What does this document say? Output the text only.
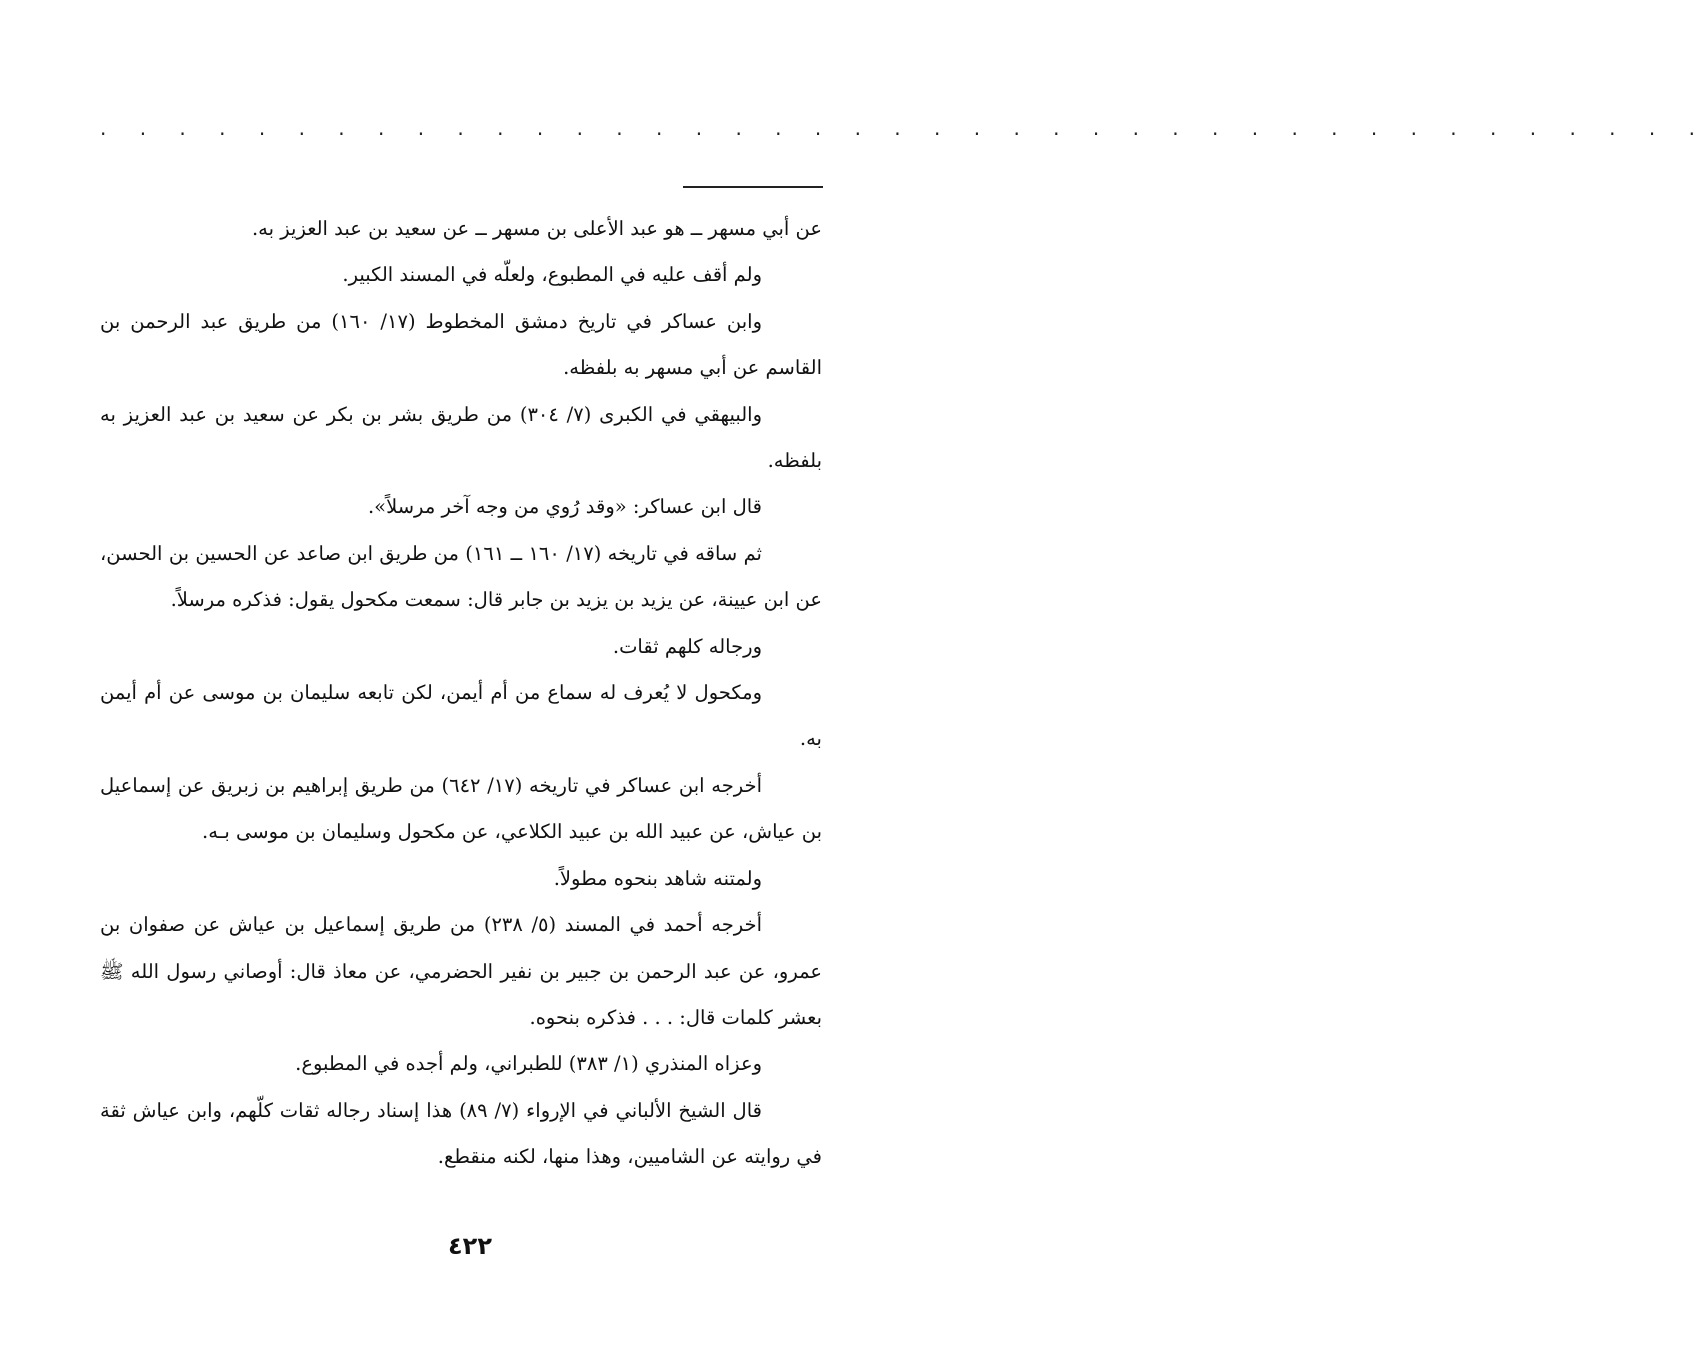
. . . . . . . . . . . . . . . . . . . . . . . . . . . . . . . . . . . . . . . . .

عن أبي مسهر ــ هو عبد الأعلى بن مسهر ــ عن سعيد بن عبد العزيز به.

ولم أقف عليه في المطبوع، ولعلّه في المسند الكبير.

وابن عساكر في تاريخ دمشق المخطوط (١٧/ ١٦٠) من طريق عبد الرحمن بن القاسم عن أبي مسهر به بلفظه.

والبيهقي في الكبرى (٧/ ٣٠٤) من طريق بشر بن بكر عن سعيد بن عبد العزيز به بلفظه.

قال ابن عساكر: «وقد رُوي من وجه آخر مرسلاً».

ثم ساقه في تاريخه (١٧/ ١٦٠ ــ ١٦١) من طريق ابن صاعد عن الحسين بن الحسن، عن ابن عيينة، عن يزيد بن يزيد بن جابر قال: سمعت مكحول يقول: فذكره مرسلاً.

ورجاله كلهم ثقات.

ومكحول لا يُعرف له سماع من أم أيمن، لكن تابعه سليمان بن موسى عن أم أيمن به.

أخرجه ابن عساكر في تاريخه (١٧/ ٦٤٢) من طريق إبراهيم بن زبريق عن إسماعيل بن عياش، عن عبيد الله بن عبيد الكلاعي، عن مكحول وسليمان بن موسى بـه.

ولمتنه شاهد بنحوه مطولاً.

أخرجه أحمد في المسند (٥/ ٢٣٨) من طريق إسماعيل بن عياش عن صفوان بن عمرو، عن عبد الرحمن بن جبير بن نفير الحضرمي، عن معاذ قال: أوصاني رسول الله ﷺ بعشر كلمات قال: . . . فذكره بنحوه.

وعزاه المنذري (١/ ٣٨٣) للطبراني، ولم أجده في المطبوع.

قال الشيخ الألباني في الإرواء (٧/ ٨٩) هذا إسناد رجاله ثقات كلّهم، وابن عياش ثقة في روايته عن الشاميين، وهذا منها، لكنه منقطع.

٤٢٢
